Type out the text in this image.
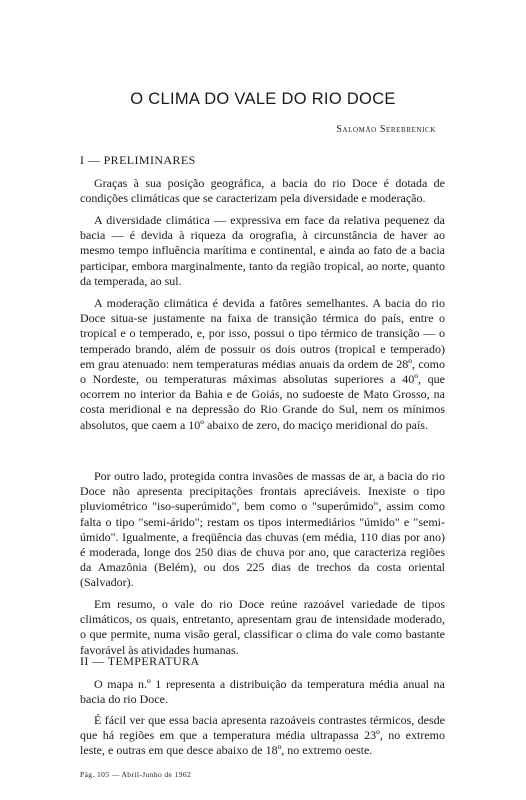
O CLIMA DO VALE DO RIO DOCE
Salomão Serebrenick
I — PRELIMINARES

Graças à sua posição geográfica, a bacia do rio Doce é dotada de condições climáticas que se caracterizam pela diversidade e moderação.

A diversidade climática — expressiva em face da relativa pequenez da bacia — é devida à riqueza da orografia, à circunstância de haver ao mesmo tempo influência marítima e continental, e ainda ao fato de a bacia participar, embora marginalmente, tanto da região tropical, ao norte, quanto da temperada, ao sul.

A moderação climática é devida a fatôres semelhantes. A bacia do rio Doce situa-se justamente na faixa de transição térmica do país, entre o tropical e o temperado, e, por isso, possui o tipo térmico de transição — o temperado brando, além de possuir os dois outros (tropical e temperado) em grau atenuado: nem temperaturas médias anuais da ordem de 28º, como o Nordeste, ou temperaturas máximas absolutas superiores a 40º, que ocorrem no interior da Bahia e de Goiás, no sudoeste de Mato Grosso, na costa meridional e na depressão do Rio Grande do Sul, nem os mínimos absolutos, que caem a 10º abaixo de zero, do maciço meridional do país.

Por outro lado, protegida contra invasões de massas de ar, a bacia do rio Doce não apresenta precipitações frontais apreciáveis. Inexiste o tipo pluviométrico "iso-superúmido", bem como o "superúmido", assim como falta o tipo "semi-árido"; restam os tipos intermediários "úmido" e "semi-úmido". Igualmente, a freqüência das chuvas (em média, 110 dias por ano) é moderada, longe dos 250 dias de chuva por ano, que caracteriza regiões da Amazônia (Belém), ou dos 225 dias de trechos da costa oriental (Salvador).

Em resumo, o vale do rio Doce reúne razoável variedade de tipos climáticos, os quais, entretanto, apresentam grau de intensidade moderado, o que permite, numa visão geral, classificar o clima do vale como bastante favorável às atividades humanas.

II — TEMPERATURA

O mapa n.º 1 representa a distribuição da temperatura média anual na bacia do rio Doce.

É fácil ver que essa bacia apresenta razoáveis contrastes térmicos, desde que há regiões em que a temperatura média ultrapassa 23º, no extremo leste, e outras em que desce abaixo de 18º, no extremo oeste.

Pág. 105 — Abril-Junho de 1962
